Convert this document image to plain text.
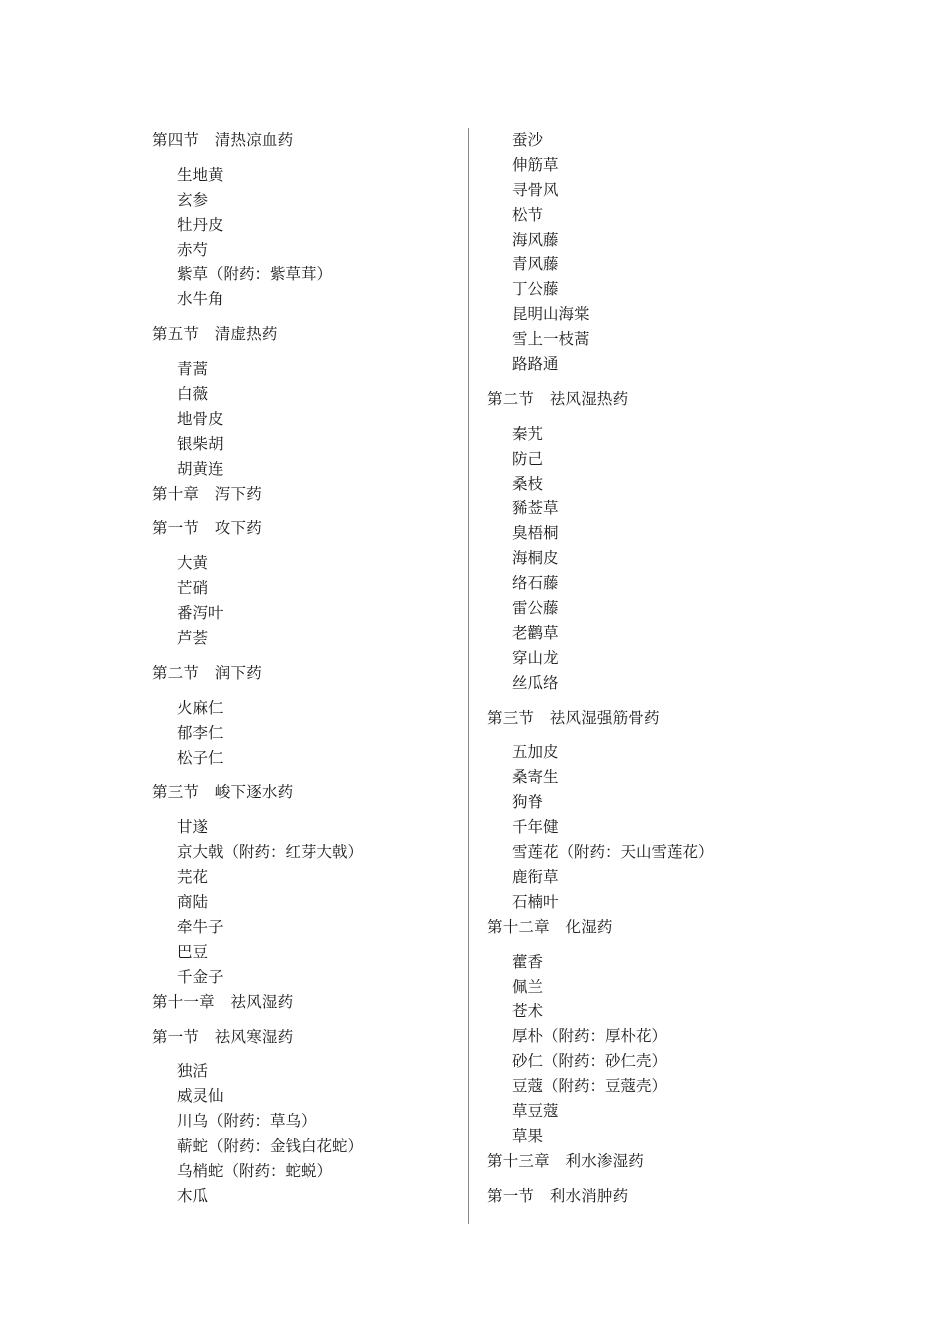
第四节　清热凉血药
生地黄
玄参
牡丹皮
赤芍
紫草（附药：紫草茸）
水牛角
第五节　清虚热药
青蒿
白薇
地骨皮
银柴胡
胡黄连
第十章　泻下药
第一节　攻下药
大黄
芒硝
番泻叶
芦荟
第二节　润下药
火麻仁
郁李仁
松子仁
第三节　峻下逐水药
甘遂
京大戟（附药：红芽大戟）
芫花
商陆
牵牛子
巴豆
千金子
第十一章　祛风湿药
第一节　祛风寒湿药
独活
威灵仙
川乌（附药：草乌）
蕲蛇（附药：金钱白花蛇）
乌梢蛇（附药：蛇蜕）
木瓜
蚕沙
伸筋草
寻骨风
松节
海风藤
青风藤
丁公藤
昆明山海棠
雪上一枝蒿
路路通
第二节　祛风湿热药
秦艽
防己
桑枝
豨莶草
臭梧桐
海桐皮
络石藤
雷公藤
老鹳草
穿山龙
丝瓜络
第三节　祛风湿强筋骨药
五加皮
桑寄生
狗脊
千年健
雪莲花（附药：天山雪莲花）
鹿衔草
石楠叶
第十二章　化湿药
藿香
佩兰
苍术
厚朴（附药：厚朴花）
砂仁（附药：砂仁壳）
豆蔻（附药：豆蔻壳）
草豆蔻
草果
第十三章　利水渗湿药
第一节　利水消肿药
